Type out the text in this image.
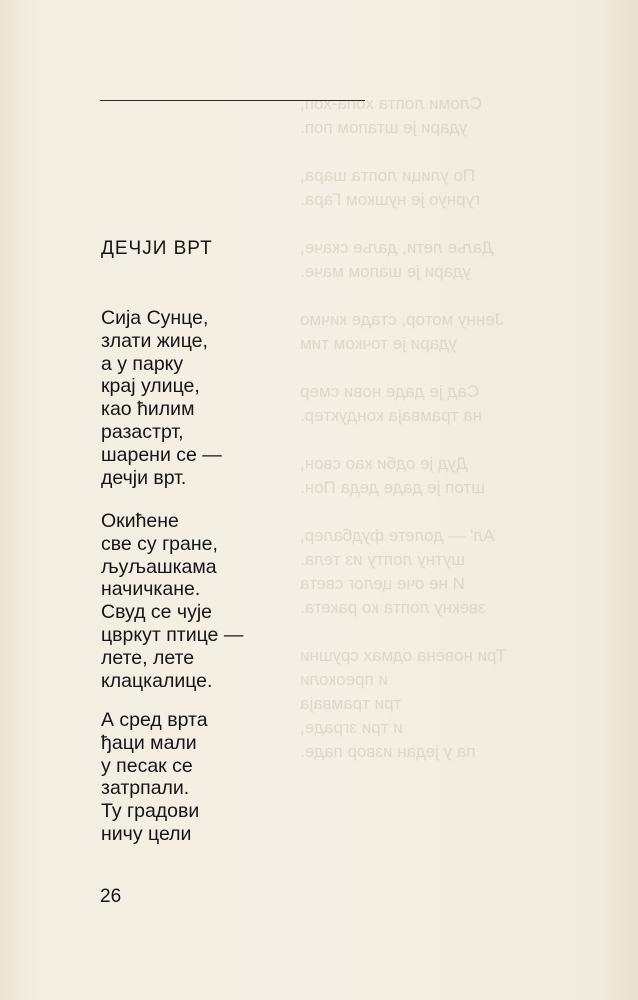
Сломи лопта хопа-хоп,
удари је штапом поп.
По улици лопта шара,
гурнуо је нушком Гара.
Даље лети, даље скаче,
удари је шапом маче.
Јенну мотор, стаде кичмо
удари је точком тим
Сад је дадe нови смер
на трамваја кондуктер.
Дуд је одби као свон,
штоп је дадe деда Пон.
Ал' — долете фудбалер,
шутну лопту из тела.
И не оче целог света
звекну лопта ко ракета.
Три новена одмах срушни
и преоколи
три трамваја
и три зграде,
па у један извор паде.
ДЕЧЈИ ВРТ
Сија Сунце,
злати жице,
а у парку
крај улице,
као ћилим
разастрт,
шарени се —
дечји врт.
Окићене
све су гране,
љуљашкама
начичкане.
Свуд се чује
цвркут птице —
лете, лете
клацкалице.
А сред врта
ђаци мали
у песак се
затрпали.
Ту градови
ничу цели
26
